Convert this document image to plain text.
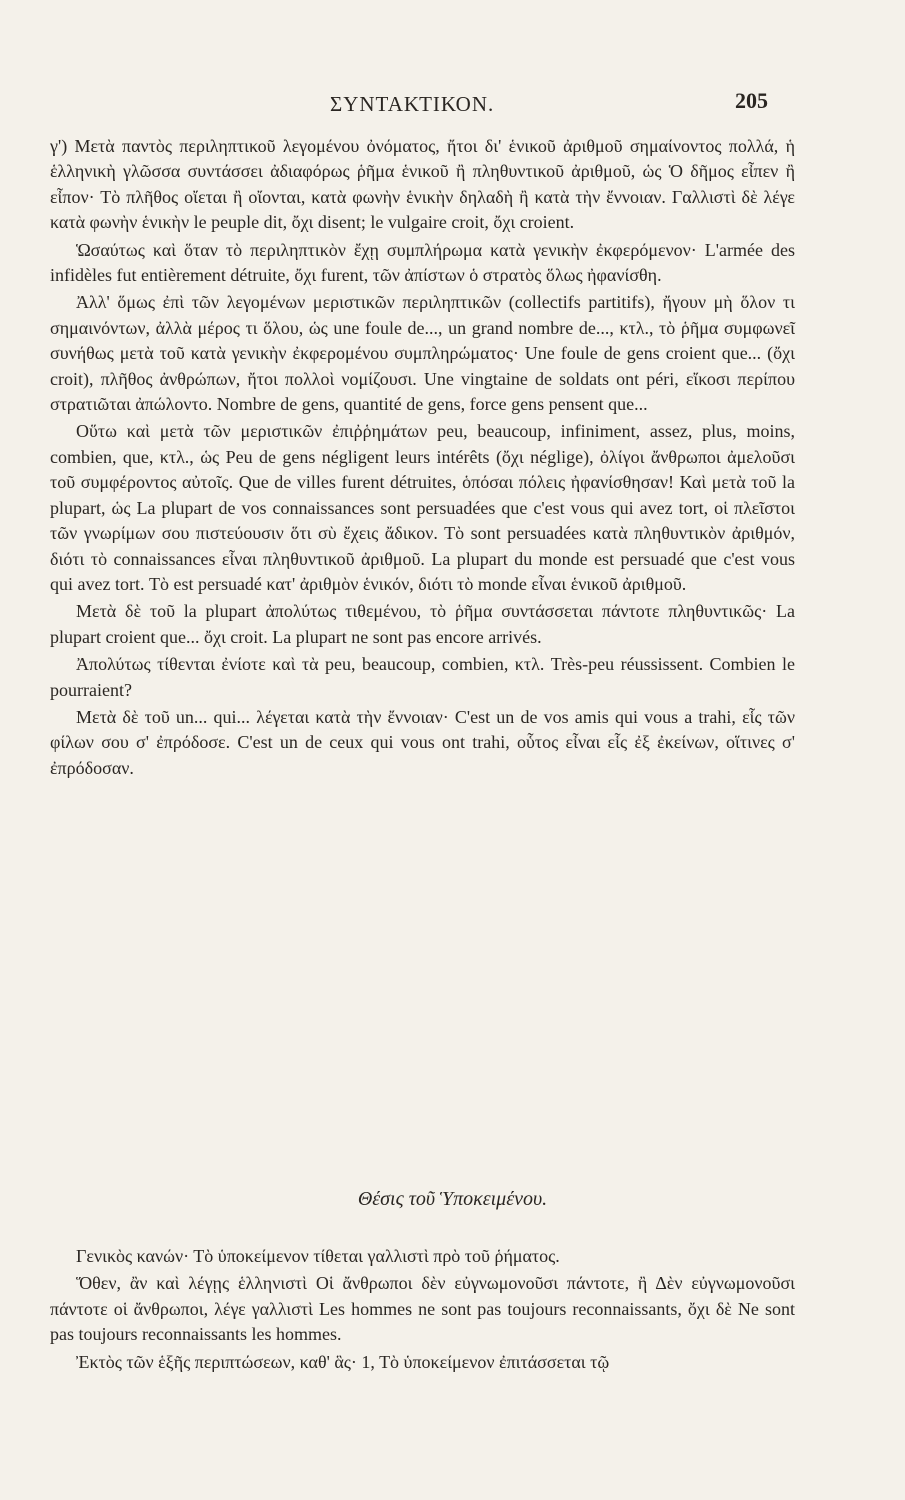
ΣΥΝΤΑΚΤΙΚΟΝ.	205

γ') Μετὰ παντὸς περιληπτικοῦ λεγομένου ὀνόματος, ἤτοι δι' ἑνικοῦ ἀριθμοῦ σημαίνοντος πολλά, ἡ ἑλληνικὴ γλῶσσα συντάσσει ἀδιαφόρως ῥῆμα ἑνικοῦ ἢ πληθυντικοῦ ἀριθμοῦ, ὡς Ὁ δῆμος εἶπεν ἢ εἶπον· Τὸ πλῆθος οἴεται ἢ οἴονται, κατὰ φωνὴν ἑνικὴν δηλαδὴ ἢ κατὰ τὴν ἔννοιαν. Γαλλιστὶ δὲ λέγε κατὰ φωνὴν ἑνικὴν le peuple dit, ὄχι disent; le vulgaire croit, ὄχι croient.

Ὡσαύτως καὶ ὅταν τὸ περιληπτικὸν ἔχῃ συμπλήρωμα κατὰ γενικὴν ἐκφερόμενον· L'armée des infidèles fut entièrement détruite, ὄχι furent, τῶν ἀπίστων ὁ στρατὸς ὅλως ἠφανίσθη.

Ἀλλ' ὅμως ἐπὶ τῶν λεγομένων μεριστικῶν περιληπτικῶν (collectifs partitifs), ἤγουν μὴ ὅλον τι σημαινόντων, ἀλλὰ μέρος τι ὅλου, ὡς une foule de..., un grand nombre de..., κτλ., τὸ ῥῆμα συμφωνεῖ συνήθως μετὰ τοῦ κατὰ γενικὴν ἐκφερομένου συμπληρώματος· Une foule de gens croient que... (ὄχι croit), πλῆθος ἀνθρώπων, ἤτοι πολλοὶ νομίζουσι. Une vingtaine de soldats ont péri, εἴκοσι περίπου στρατιῶται ἀπώλοντο. Nombre de gens, quantité de gens, force gens pensent que...

Οὕτω καὶ μετὰ τῶν μεριστικῶν ἐπιῤῥημάτων peu, beaucoup, infiniment, assez, plus, moins, combien, que, κτλ., ὡς Peu de gens négligent leurs intérêts (ὄχι néglige), ὀλίγοι ἄνθρωποι ἀμελοῦσι τοῦ συμφέροντος αὐτοῖς. Que de villes furent détruites, ὁπόσαι πόλεις ἠφανίσθησαν! Καὶ μετὰ τοῦ la plupart, ὡς La plupart de vos connaissances sont persuadées que c'est vous qui avez tort, οἱ πλεῖστοι τῶν γνωρίμων σου πιστεύουσιν ὅτι σὺ ἔχεις ἄδικον. Τὸ sont persuadées κατὰ πληθυντικὸν ἀριθμόν, διότι τὸ connaissances εἶναι πληθυντικοῦ ἀριθμοῦ. La plupart du monde est persuadé que c'est vous qui avez tort. Τὸ est persuadé κατ' ἀριθμὸν ἑνικόν, διότι τὸ monde εἶναι ἑνικοῦ ἀριθμοῦ.

Μετὰ δὲ τοῦ la plupart ἀπολύτως τιθεμένου, τὸ ῥῆμα συντάσσεται πάντοτε πληθυντικῶς· La plupart croient que... ὄχι croit. La plupart ne sont pas encore arrivés.

Ἀπολύτως τίθενται ἐνίοτε καὶ τὰ peu, beaucoup, combien, κτλ. Très-peu réussissent. Combien le pourraient?

Μετὰ δὲ τοῦ un... qui... λέγεται κατὰ τὴν ἔννοιαν· C'est un de vos amis qui vous a trahi, εἷς τῶν φίλων σου σ' ἐπρόδοσε. C'est un de ceux qui vous ont trahi, οὗτος εἶναι εἷς ἐξ ἐκείνων, οἵτινες σ' ἐπρόδοσαν.

Θέσις τοῦ Ὑποκειμένου.

Γενικὸς κανών· Τὸ ὑποκείμενον τίθεται γαλλιστὶ πρὸ τοῦ ῥήματος.

Ὅθεν, ἂν καὶ λέγῃς ἑλληνιστὶ Οἱ ἄνθρωποι δὲν εὐγνωμονοῦσι πάντοτε, ἢ Δὲν εὐγνωμονοῦσι πάντοτε οἱ ἄνθρωποι, λέγε γαλλιστὶ Les hommes ne sont pas toujours reconnaissants, ὄχι δὲ Ne sont pas toujours reconnaissants les hommes.

Ἐκτὸς τῶν ἑξῆς περιπτώσεων, καθ' ἃς· 1, Τὸ ὑποκείμενον ἐπιτάσσεται τῷ
